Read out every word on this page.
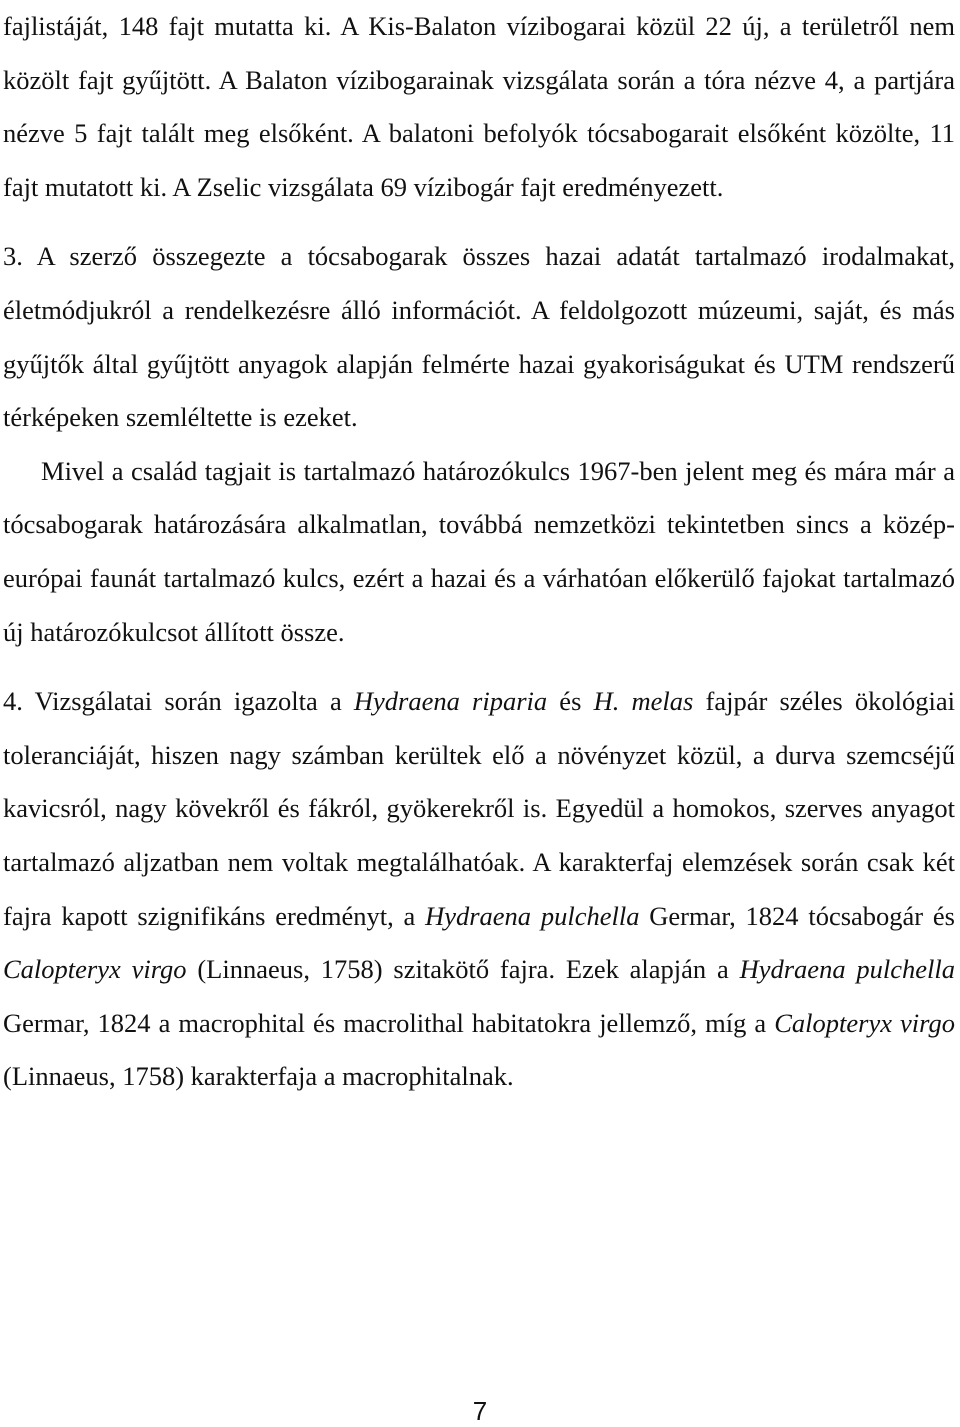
fajlistáját, 148 fajt mutatta ki. A Kis-Balaton vízibogarai közül 22 új, a területről nem közölt fajt gyűjtött. A Balaton vízibogarainak vizsgálata során a tóra nézve 4, a partjára nézve 5 fajt talált meg elsőként. A balatoni befolyók tócsabogarait elsőként közölte, 11 fajt mutatott ki. A Zselic vizsgálata 69 vízibogár fajt eredményezett.

3. A szerző összegezte a tócsabogarak összes hazai adatát tartalmazó irodalmakat, életmódjukról a rendelkezésre álló információt. A feldolgozott múzeumi, saját, és más gyűjtők által gyűjtött anyagok alapján felmérte hazai gyakoriságukat és UTM rendszerű térképeken szemléltette is ezeket.

Mivel a család tagjait is tartalmazó határozókulcs 1967-ben jelent meg és mára már a tócsabogarak határozására alkalmatlan, továbbá nemzetközi tekintetben sincs a közép-európai faunát tartalmazó kulcs, ezért a hazai és a várhatóan előkerülő fajokat tartalmazó új határozókulcsot állított össze.

4. Vizsgálatai során igazolta a Hydraena riparia és H. melas fajpár széles ökológiai toleranciáját, hiszen nagy számban kerültek elő a növényzet közül, a durva szemcséjű kavicsról, nagy kövekről és fákról, gyökerekről is. Egyedül a homokos, szerves anyagot tartalmazó aljzatban nem voltak megtalálhatóak. A karakterfaj elemzések során csak két fajra kapott szignifikáns eredményt, a Hydraena pulchella Germar, 1824 tócsabogár és Calopteryx virgo (Linnaeus, 1758) szitakötő fajra. Ezek alapján a Hydraena pulchella Germar, 1824 a macrophital és macrolithal habitatokra jellemző, míg a Calopteryx virgo (Linnaeus, 1758) karakterfaja a macrophitalnak.

7
